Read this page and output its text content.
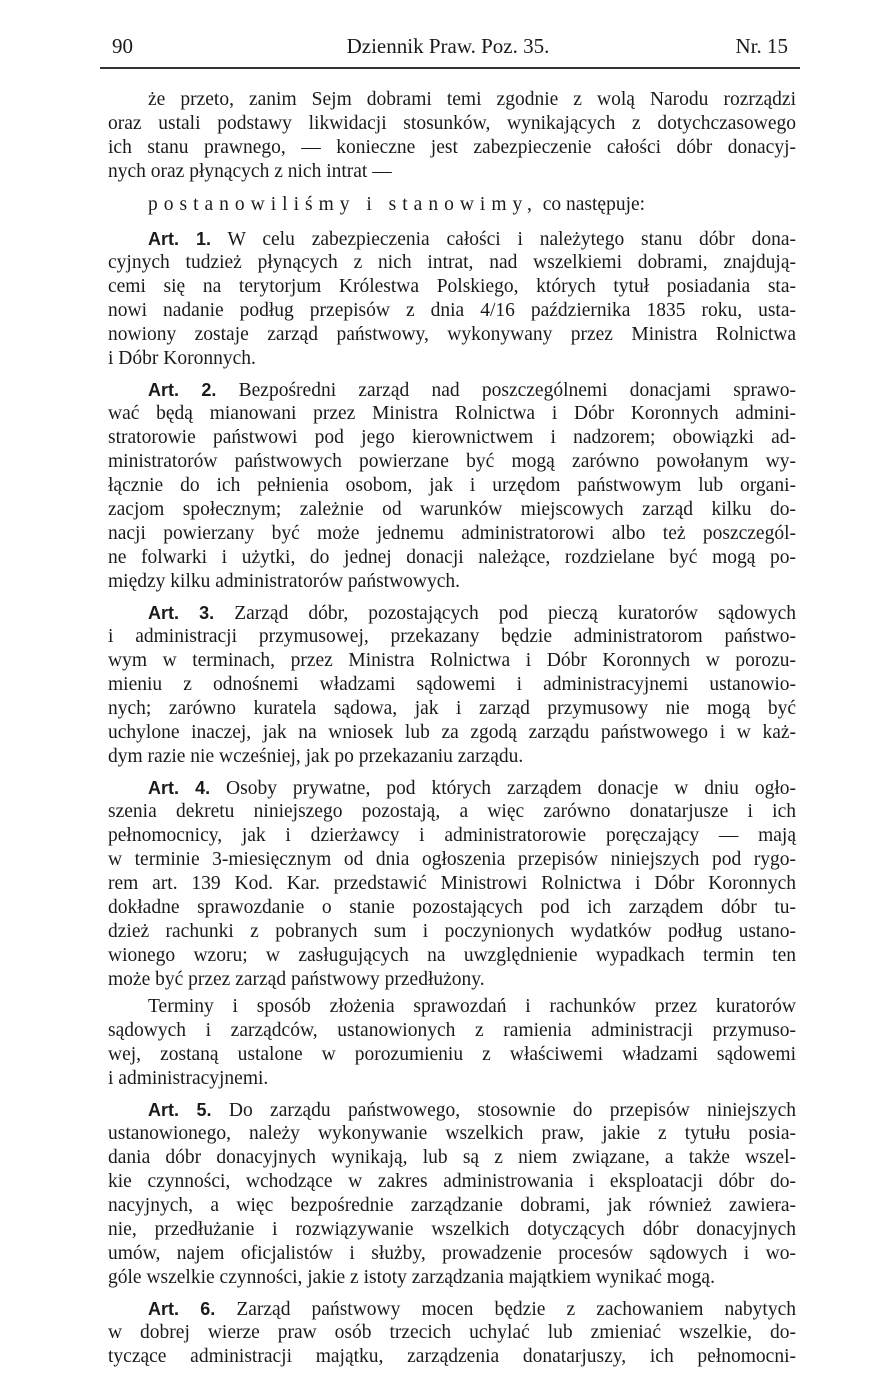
90	Dziennik Praw. Poz. 35.	Nr. 15
że przeto, zanim Sejm dobrami temi zgodnie z wolą Narodu rozrządzi
oraz ustali podstawy likwidacji stosunków, wynikających z dotychczasowego
ich stanu prawnego, — konieczne jest zabezpieczenie całości dóbr donacyj-
nych oraz płynących z nich intrat —
postanowiliśmy i stanowimy, co następuje:
Art. 1. W celu zabezpieczenia całości i należytego stanu dóbr dona-
cyjnych tudzież płynących z nich intrat, nad wszelkiemi dobrami, znajdują-
cemi się na terytorjum Królestwa Polskiego, których tytuł posiadania sta-
nowi nadanie podług przepisów z dnia 4/16 października 1835 roku, usta-
nowiony zostaje zarząd państwowy, wykonywany przez Ministra Rolnictwa
i Dóbr Koronnych.
Art. 2. Bezpośredni zarząd nad poszczególnemi donacjami sprawo-
wać będą mianowani przez Ministra Rolnictwa i Dóbr Koronnych admini-
stratorowie państwowi pod jego kierownictwem i nadzorem; obowiązki ad-
ministratorów państwowych powierzane być mogą zarówno powołanym wy-
łącznie do ich pełnienia osobom, jak i urzędom państwowym lub organi-
zacjom społecznym; zależnie od warunków miejscowych zarząd kilku do-
nacji powierzany być może jednemu administratorowi albo też poszczegól-
ne folwarki i użytki, do jednej donacji należące, rozdzielane być mogą po-
między kilku administratorów państwowych.
Art. 3. Zarząd dóbr, pozostających pod pieczą kuratorów sądowych
i administracji przymusowej, przekazany będzie administratorom państwo-
wym w terminach, przez Ministra Rolnictwa i Dóbr Koronnych w porozu-
mieniu z odnośnemi władzami sądowemi i administracyjnemi ustanowio-
nych; zarówno kuratela sądowa, jak i zarząd przymusowy nie mogą być
uchylone inaczej, jak na wniosek lub za zgodą zarządu państwowego i w każ-
dym razie nie wcześniej, jak po przekazaniu zarządu.
Art. 4. Osoby prywatne, pod których zarządem donacje w dniu ogło-
szenia dekretu niniejszego pozostają, a więc zarówno donatarjusze i ich
pełnomocnicy, jak i dzierżawcy i administratorowie poręczający — mają
w terminie 3-miesięcznym od dnia ogłoszenia przepisów niniejszych pod rygo-
rem art. 139 Kod. Kar. przedstawić Ministrowi Rolnictwa i Dóbr Koronnych
dokładne sprawozdanie o stanie pozostających pod ich zarządem dóbr tu-
dzież rachunki z pobranych sum i poczynionych wydatków podług ustano-
wionego wzoru; w zasługujących na uwzględnienie wypadkach termin ten
może być przez zarząd państwowy przedłużony.
Terminy i sposób złożenia sprawozdań i rachunków przez kuratorów
sądowych i zarządców, ustanowionych z ramienia administracji przymuso-
wej, zostaną ustalone w porozumieniu z właściwemi władzami sądowemi
i administracyjnemi.
Art. 5. Do zarządu państwowego, stosownie do przepisów niniejszych
ustanowionego, należy wykonywanie wszelkich praw, jakie z tytułu posia-
dania dóbr donacyjnych wynikają, lub są z niem związane, a także wszel-
kie czynności, wchodzące w zakres administrowania i eksploatacji dóbr do-
nacyjnych, a więc bezpośrednie zarządzanie dobrami, jak również zawiera-
nie, przedłużanie i rozwiązywanie wszelkich dotyczących dóbr donacyjnych
umów, najem oficjalistów i służby, prowadzenie procesów sądowych i wo-
góle wszelkie czynności, jakie z istoty zarządzania majątkiem wynikać mogą.
Art. 6. Zarząd państwowy mocen będzie z zachowaniem nabytych
w dobrej wierze praw osób trzecich uchylać lub zmieniać wszelkie, do-
tyczące administracji majątku, zarządzenia donatarjuszy, ich pełnomocni-
